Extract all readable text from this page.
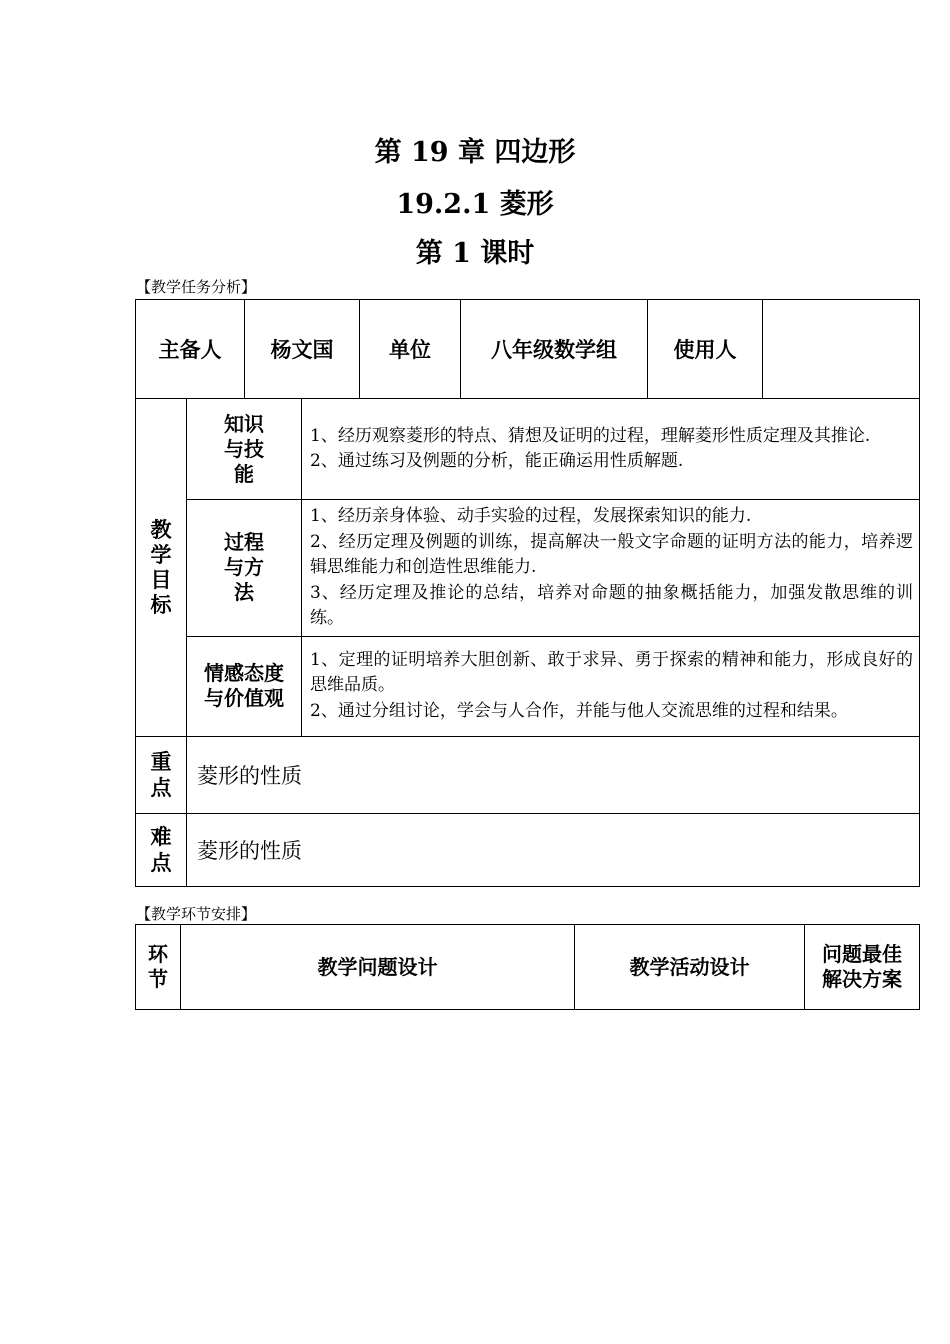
第 19 章 四边形
19.2.1 菱形
第 1 课时
【教学任务分析】
主备人	杨文国	单位	八年级数学组	使用人	
教学目标	知识与技能	1、经历观察菱形的特点、猜想及证明的过程，理解菱形性质定理及其推论.
2、通过练习及例题的分析，能正确运用性质解题.

	过程与方法	1、经历亲身体验、动手实验的过程，发展探索知识的能力.
2、经历定理及例题的训练，提高解决一般文字命题的证明方法的能力，培养逻辑思维能力和创造性思维能力.
3、经历定理及推论的总结，培养对命题的抽象概括能力，加强发散思维的训练。

	情感态度与价值观	1、定理的证明培养大胆创新、敢于求异、勇于探索的精神和能力，形成良好的思维品质。
2、通过分组讨论，学会与人合作，并能与他人交流思维的过程和结果。

重点	菱形的性质	
难点	菱形的性质	
【教学环节安排】
环节	教学问题设计	教学活动设计	问题最佳解决方案
